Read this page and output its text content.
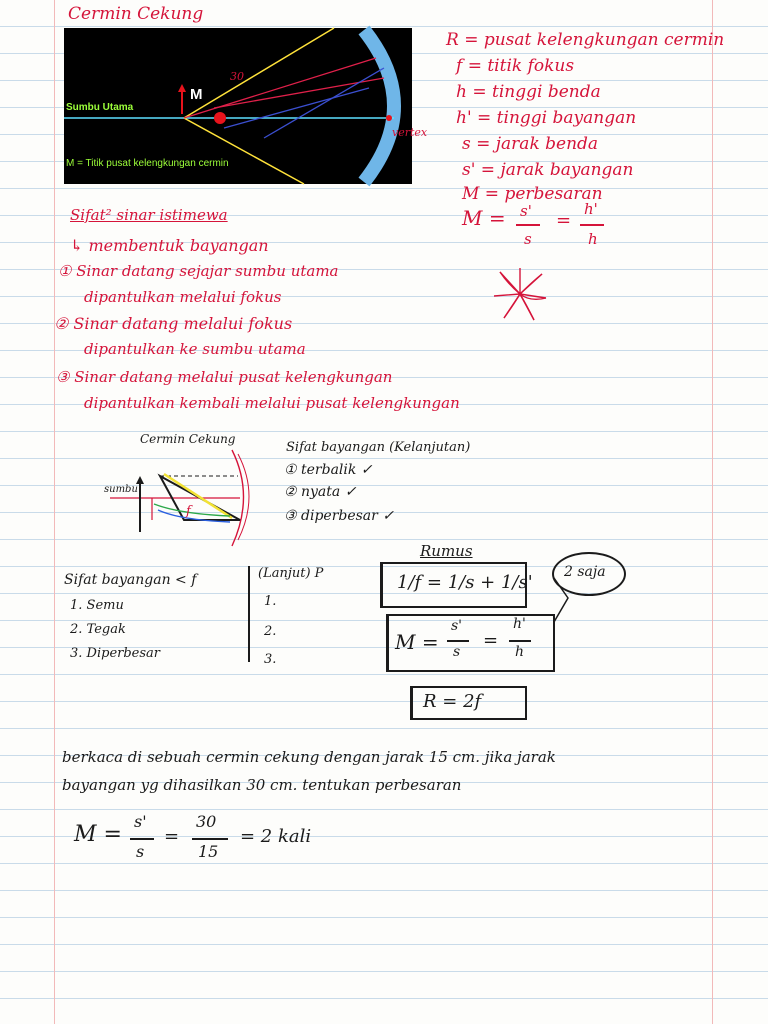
Cermin Cekung
Sumbu Utama
M
M = Titik pusat kelengkungan cermin
vertex
30
R = pusat kelengkungan cermin
f = titik fokus
h = tinggi benda
h' = tinggi bayangan
s = jarak benda
s' = jarak bayangan
M = perbesaran
M = s'
s
=
h'
h
Sifat² sinar istimewa
↳ membentuk bayangan
① Sinar datang sejajar sumbu utama
dipantulkan melalui fokus
② Sinar datang melalui fokus
dipantulkan ke sumbu utama
③ Sinar datang melalui pusat kelengkungan
dipantulkan kembali melalui pusat kelengkungan
Cermin Cekung
sumbu
f
Sifat bayangan (Kelanjutan)
① terbalik ✓
② nyata ✓
③ diperbesar ✓
Sifat bayangan < f
1. Semu
2. Tegak
3. Diperbesar
(Lanjut) P
1.
2.
3.
Rumus
1/f = 1/s + 1/s'
M =
s'
s
=
h'
h
R = 2f
2 saja
berkaca di sebuah cermin cekung dengan jarak 15 cm. jika jarak
bayangan yg dihasilkan 30 cm. tentukan perbesaran
M =
s'
s
=
30
15
= 2 kali
